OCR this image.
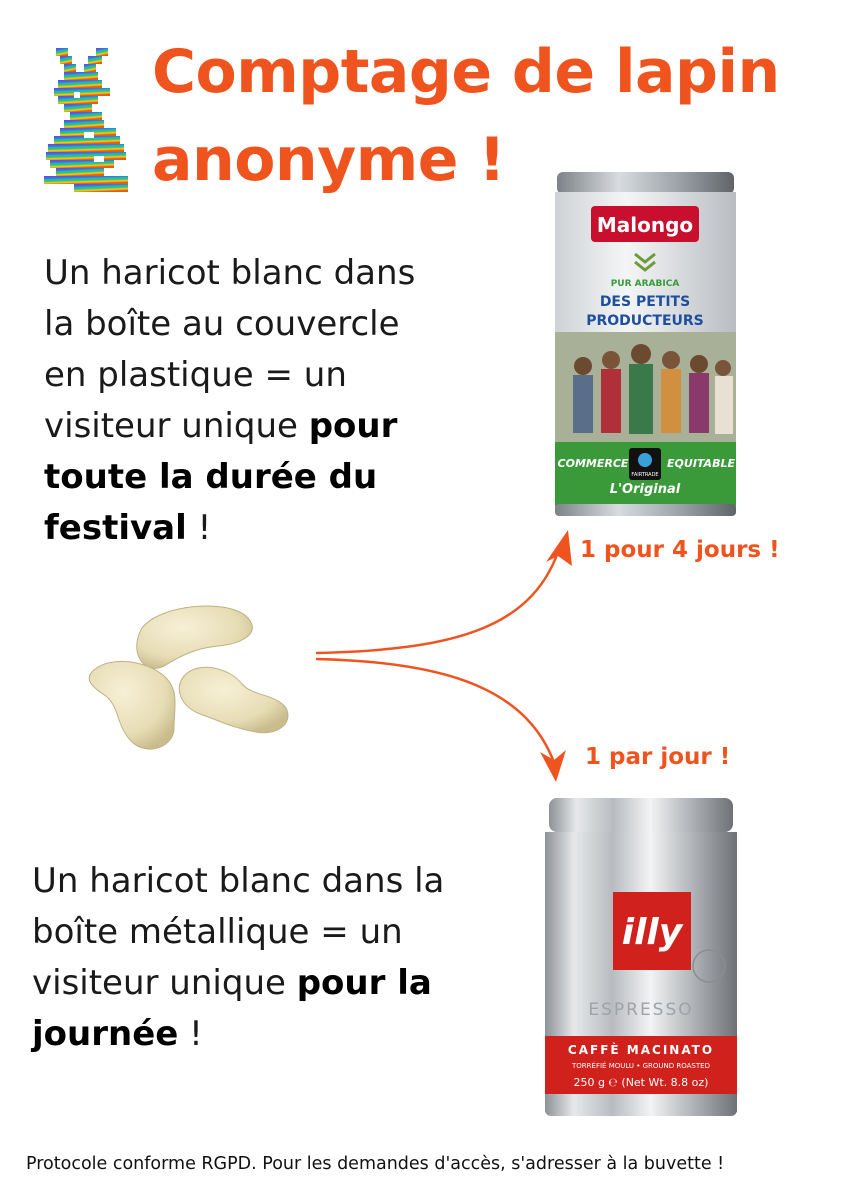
Comptage de lapin anonyme !

Un haricot blanc dans la boîte au couvercle en plastique = un visiteur unique pour toute la durée du festival !

Un haricot blanc dans la boîte métallique = un visiteur unique pour la journée !

1 pour 4 jours !
1 par jour !
Malongo
PUR ARABICA
DES PETITS
PRODUCTEURS
COMMERCE
FAIRTRADE
EQUITABLE
L'Original
illy
ESPRESSO
CAFFÈ MACINATO
TORRÉFIÉ MOULU • GROUND ROASTED
250 g ℮ (Net Wt. 8.8 oz)
Protocole conforme RGPD. Pour les demandes d'accès, s'adresser à la buvette !
